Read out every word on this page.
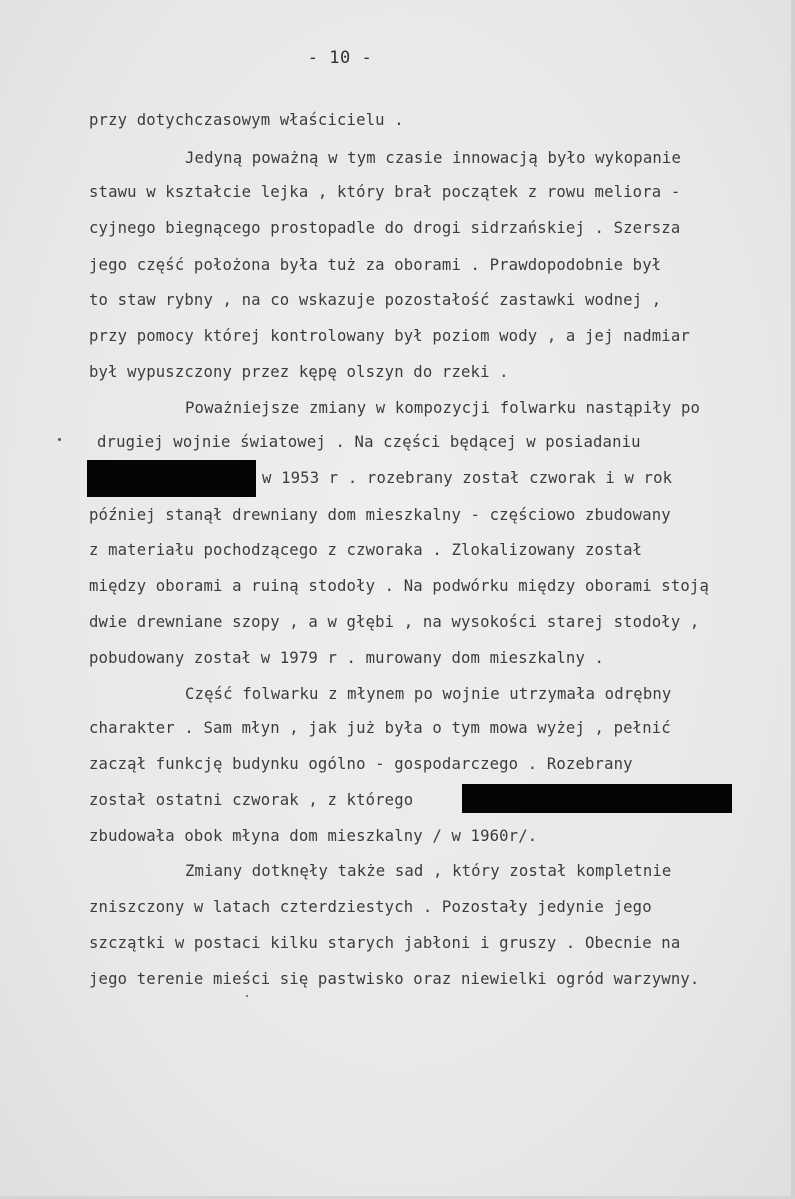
- 10 -
przy dotychczasowym właścicielu .
Jedyną poważną w tym czasie innowacją było wykopanie
stawu w kształcie lejka , który brał początek z rowu meliora -
cyjnego biegnącego prostopadle do drogi sidrzańskiej . Szersza
jego część położona była tuż za oborami . Prawdopodobnie był
to staw rybny , na co wskazuje pozostałość zastawki wodnej ,
przy pomocy której kontrolowany był poziom wody , a jej nadmiar
był wypuszczony przez kępę olszyn do rzeki .
Poważniejsze zmiany w kompozycji folwarku nastąpiły po
drugiej wojnie światowej . Na części będącej w posiadaniu
w 1953 r . rozebrany został czworak i w rok
później stanął drewniany dom mieszkalny - częściowo zbudowany
z materiału pochodzącego z czworaka . Zlokalizowany został
między oborami a ruiną stodoły . Na podwórku między oborami stoją
dwie drewniane szopy , a w głębi , na wysokości starej stodoły ,
pobudowany został w 1979 r . murowany dom mieszkalny .
Część folwarku z młynem po wojnie utrzymała odrębny
charakter . Sam młyn , jak już była o tym mowa wyżej , pełnić
zaczął funkcję budynku ogólno - gospodarczego . Rozebrany
został ostatni czworak , z którego
zbudowała obok młyna dom mieszkalny / w 1960r/.
Zmiany dotknęły także sad , który został kompletnie
zniszczony w latach czterdziestych . Pozostały jedynie jego
szczątki w postaci kilku starych jabłoni i gruszy . Obecnie na
jego terenie mieści się pastwisko oraz niewielki ogród warzywny.
